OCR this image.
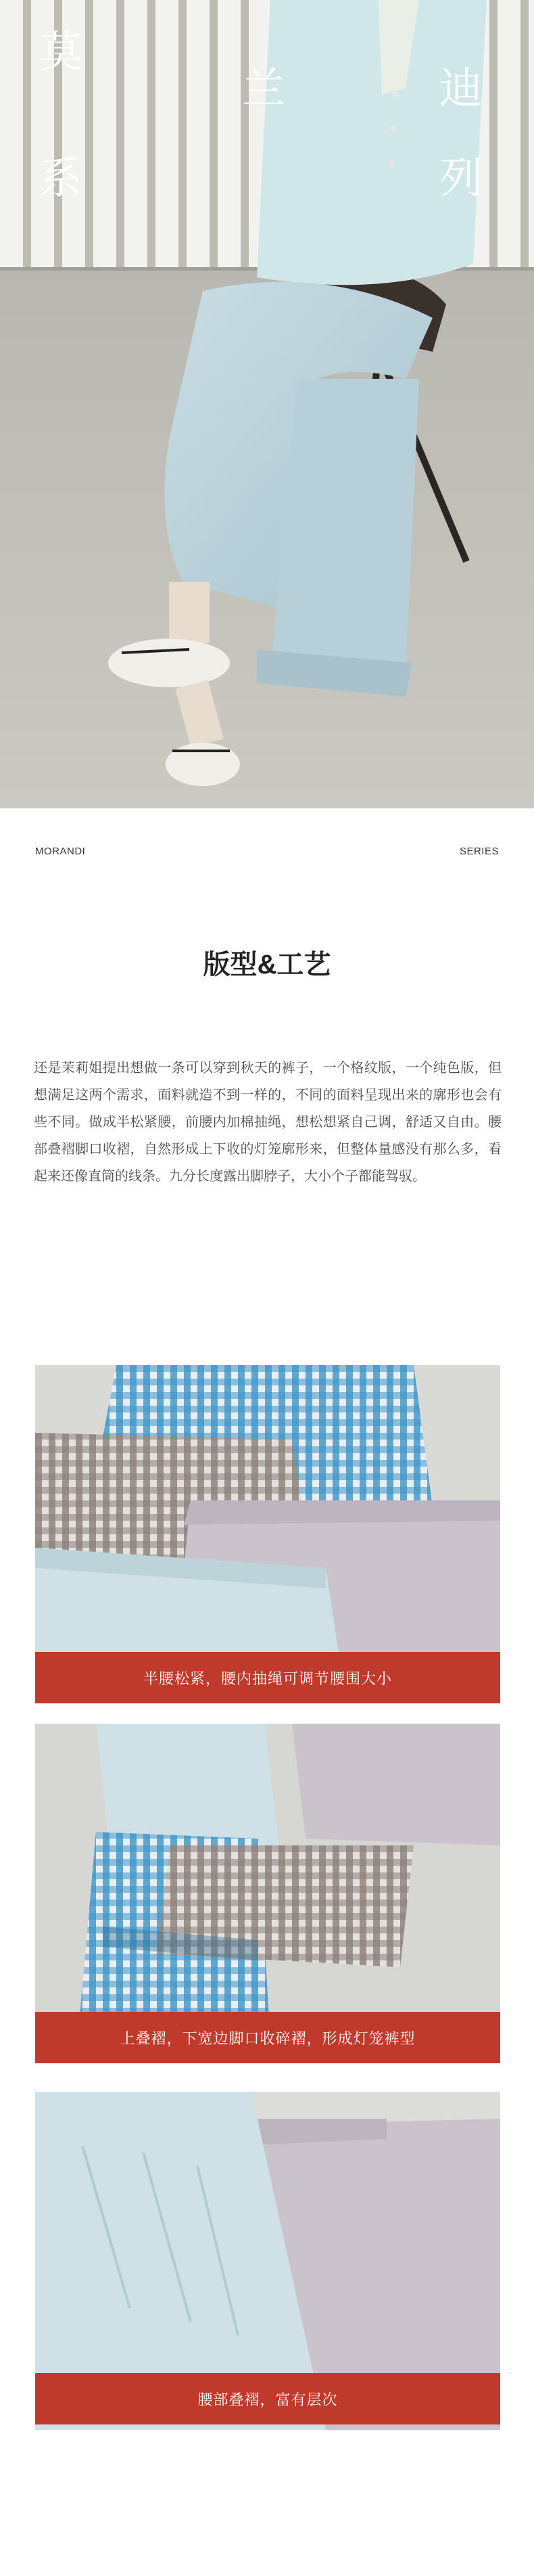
莫
兰	迪
系	列
MORANDI	SERIES
版型&工艺
还是茉莉姐提出想做一条可以穿到秋天的裤子，一个格纹版，一个纯色版，但想满足这两个需求，面料就造不到一样的，不同的面料呈现出来的廓形也会有些不同。做成半松紧腰，前腰内加棉抽绳，想松想紧自己调，舒适又自由。腰部叠褶脚口收褶，自然形成上下收的灯笼廓形来，但整体量感没有那么多，看起来还像直筒的线条。九分长度露出脚脖子，大小个子都能驾驭。
半腰松紧，腰内抽绳可调节腰围大小
上叠褶，下宽边脚口收碎褶，形成灯笼裤型
腰部叠褶，富有层次
